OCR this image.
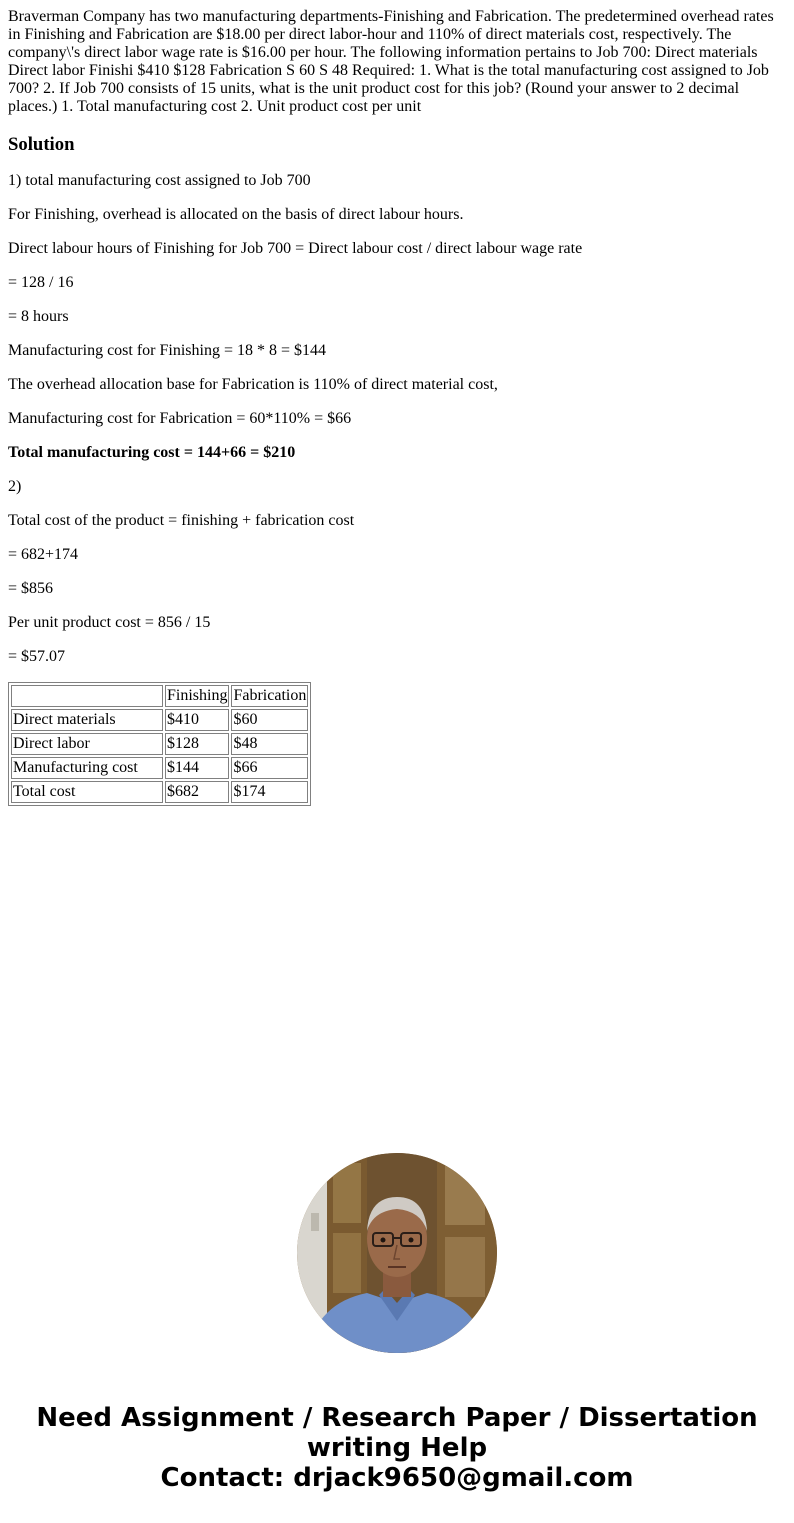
Braverman Company has two manufacturing departments-Finishing and Fabrication. The predetermined overhead rates in Finishing and Fabrication are $18.00 per direct labor-hour and 110% of direct materials cost, respectively. The company\'s direct labor wage rate is $16.00 per hour. The following information pertains to Job 700: Direct materials Direct labor Finishi $410 $128 Fabrication S 60 S 48 Required: 1. What is the total manufacturing cost assigned to Job 700? 2. If Job 700 consists of 15 units, what is the unit product cost for this job? (Round your answer to 2 decimal places.) 1. Total manufacturing cost 2. Unit product cost per unit

Solution

1) total manufacturing cost assigned to Job 700

For Finishing, overhead is allocated on the basis of direct labour hours.

Direct labour hours of Finishing for Job 700 = Direct labour cost / direct labour wage rate

= 128 / 16

= 8 hours

Manufacturing cost for Finishing = 18 * 8 = $144

The overhead allocation base for Fabrication is 110% of direct material cost,

Manufacturing cost for Fabrication = 60*110% = $66

Total manufacturing cost = 144+66 = $210

2)

Total cost of the product = finishing + fabrication cost

= 682+174

= $856

Per unit product cost = 856 / 15

= $57.07

	Finishing	Fabrication
Direct materials	$410	$60
Direct labor	$128	$48
Manufacturing cost	$144	$66
Total cost	$682	$174
Need Assignment / Research Paper / Dissertation
writing Help
Contact: drjack9650@gmail.com
